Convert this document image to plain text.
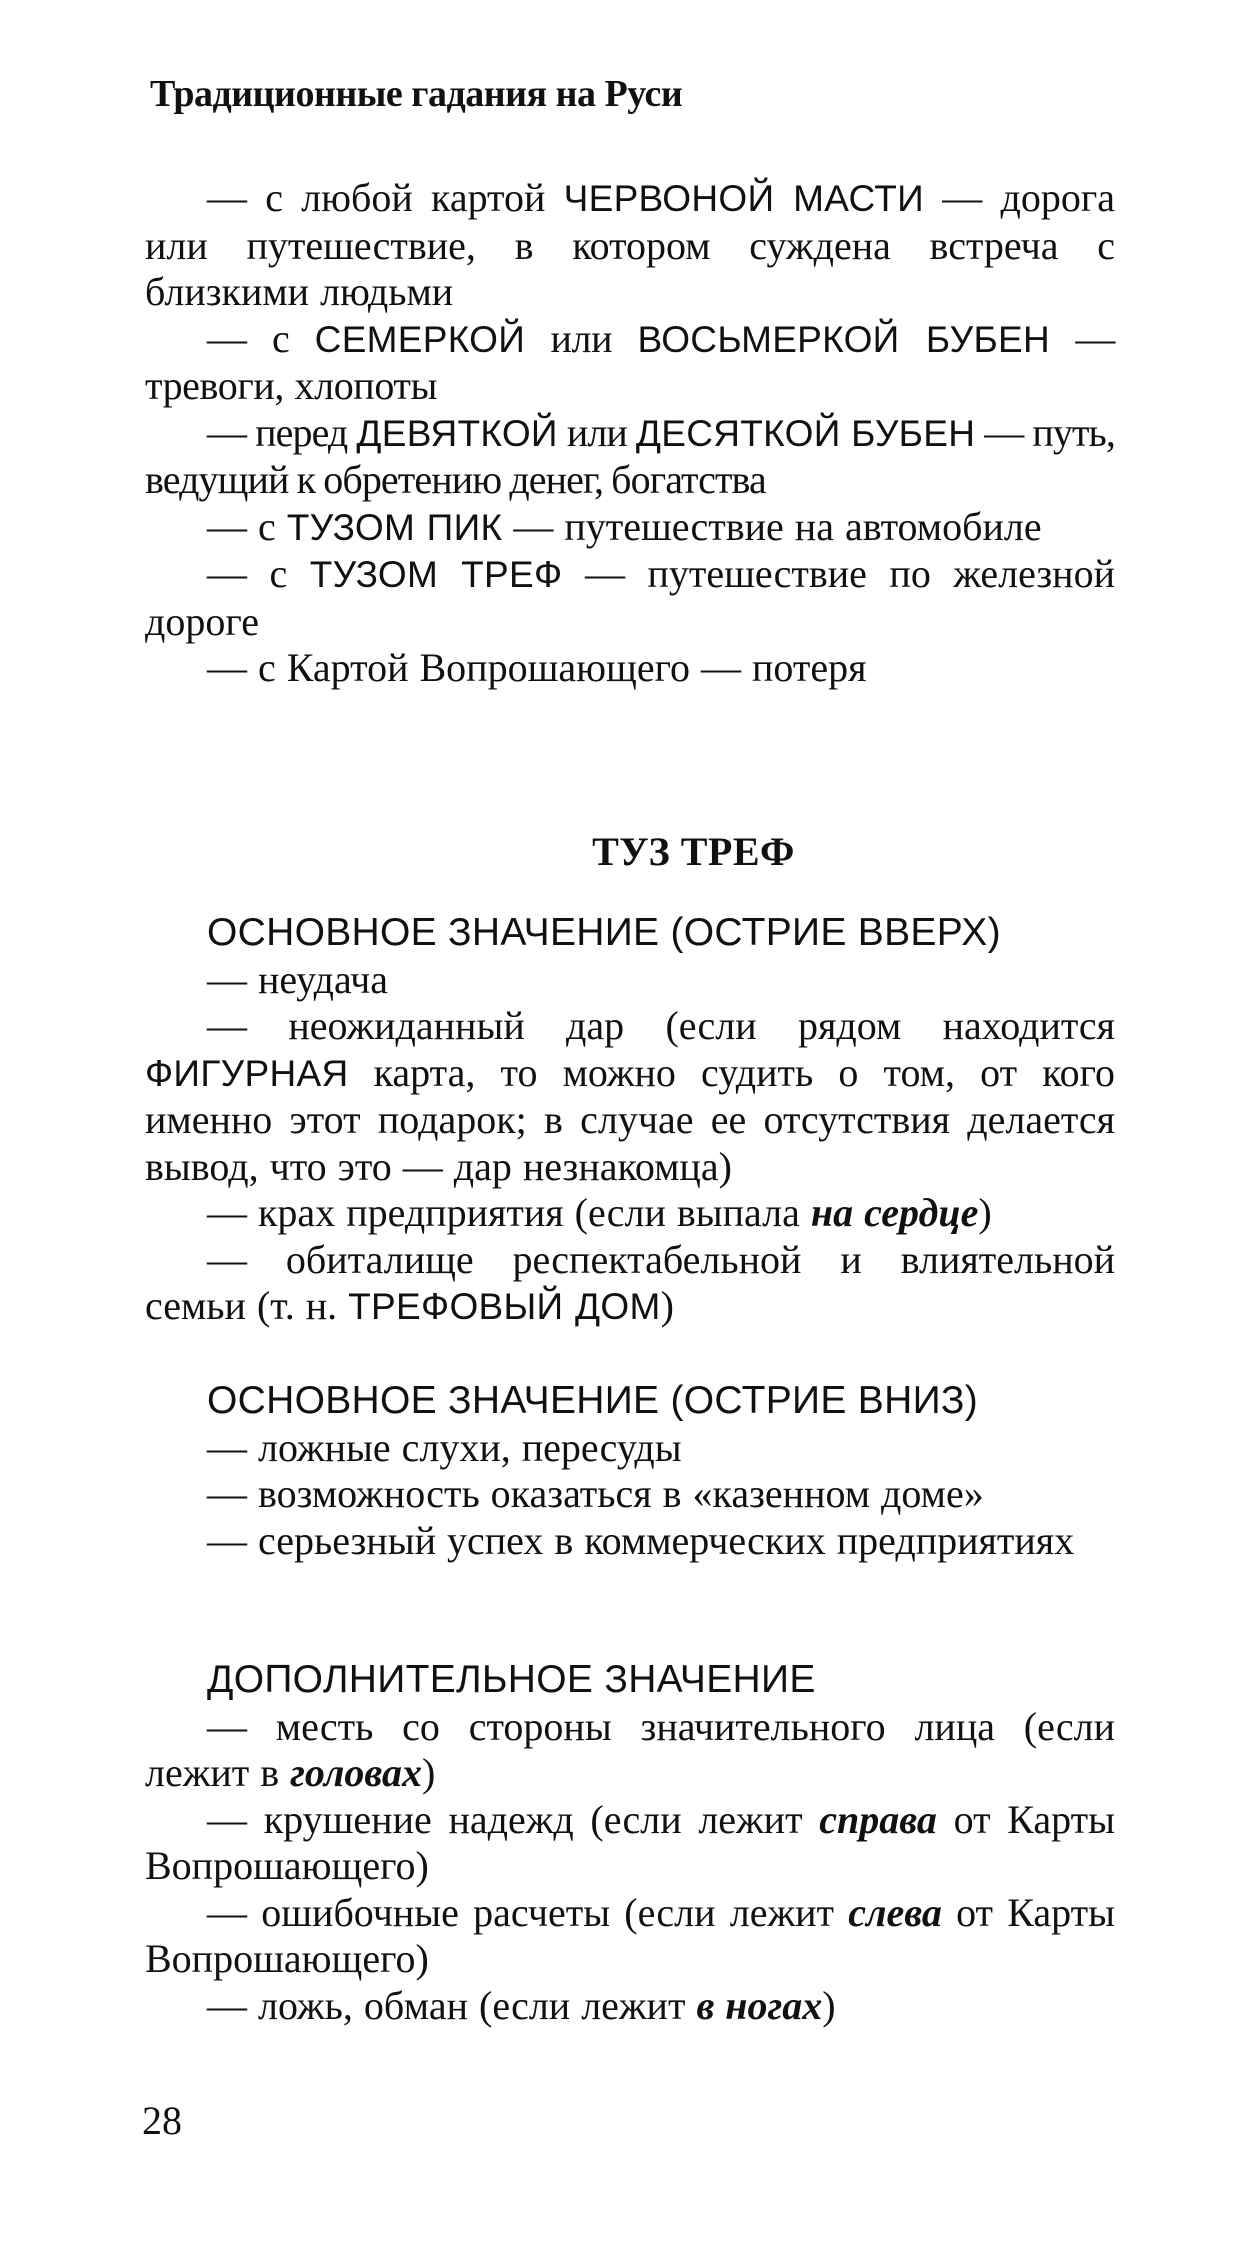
Традиционные гадания на Руси

— с любой картой ЧЕРВОНОЙ МАСТИ — дорога или путешествие, в котором суждена встреча с близкими людьми

— с СЕМЕРКОЙ или ВОСЬМЕРКОЙ БУБЕН — тревоги, хлопоты

— перед ДЕВЯТКОЙ или ДЕСЯТКОЙ БУБЕН — путь, ведущий к обретению денег, богатства

— с ТУЗОМ ПИК — путешествие на автомобиле

— с ТУЗОМ ТРЕФ — путешествие по железной дороге

— с Картой Вопрошающего — потеря

ТУЗ ТРЕФ

ОСНОВНОЕ ЗНАЧЕНИЕ (ОСТРИЕ ВВЕРХ)

— неудача

— неожиданный дар (если рядом находится ФИГУРНАЯ карта, то можно судить о том, от кого именно этот подарок; в случае ее отсутствия делается вывод, что это — дар незнакомца)

— крах предприятия (если выпала на сердце)

— обиталище респектабельной и влиятельной семьи (т. н. ТРЕФОВЫЙ ДОМ)

ОСНОВНОЕ ЗНАЧЕНИЕ (ОСТРИЕ ВНИЗ)

— ложные слухи, пересуды

— возможность оказаться в «казенном доме»

— серьезный успех в коммерческих предприятиях

ДОПОЛНИТЕЛЬНОЕ ЗНАЧЕНИЕ

— месть со стороны значительного лица (если лежит в головах)

— крушение надежд (если лежит справа от Карты Вопрошающего)

— ошибочные расчеты (если лежит слева от Карты Вопрошающего)

— ложь, обман (если лежит в ногах)

28
